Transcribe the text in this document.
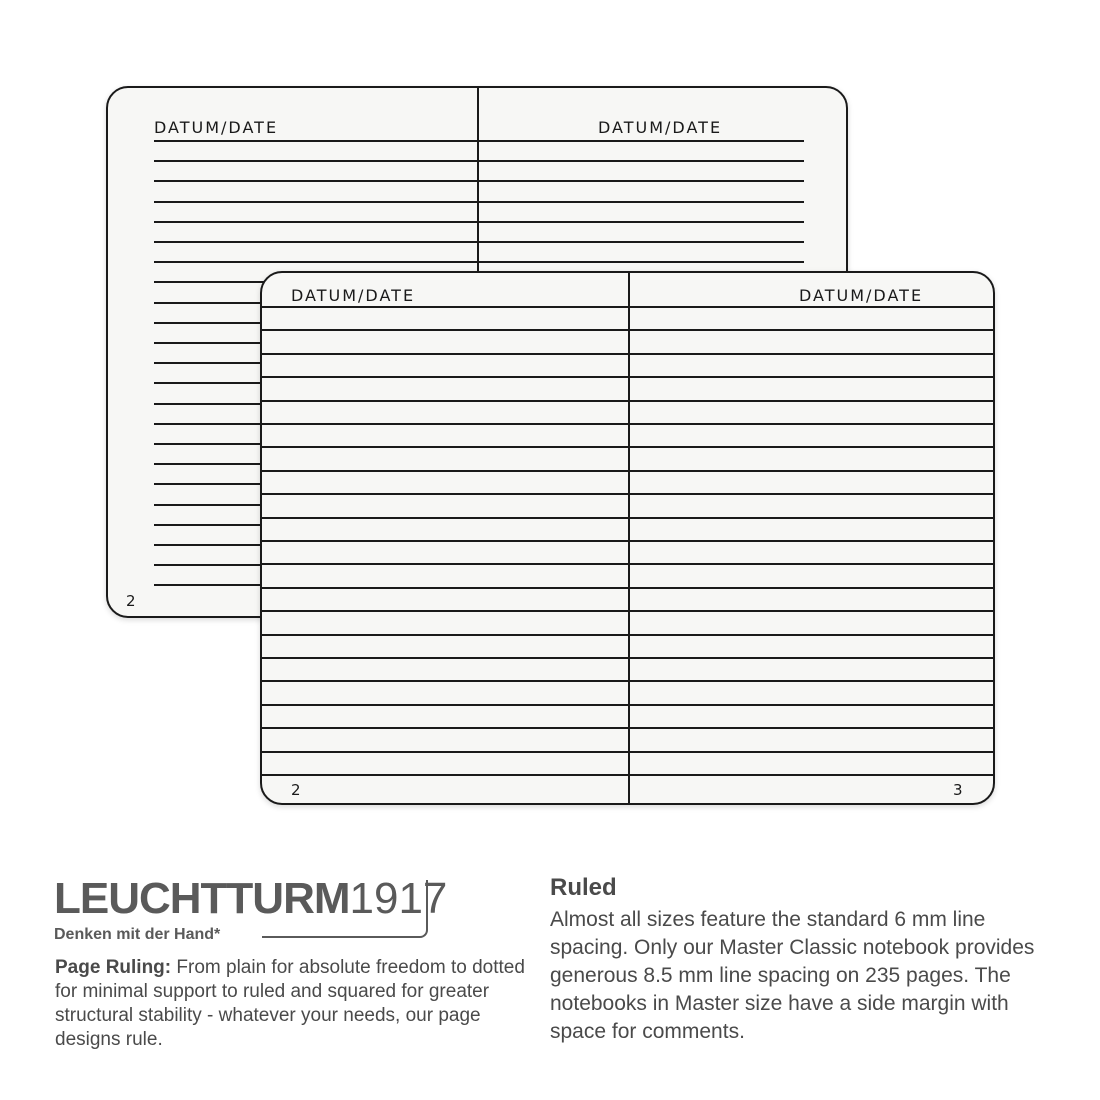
DATUM/DATE	DATUM/DATE
2
DATUM/DATE	DATUM/DATE
2	3
LEUCHTTURM1917
Denken mit der Hand*
Page Ruling: From plain for absolute freedom to dotted for minimal support to ruled and squared for greater structural stability - whatever your needs, our page designs rule.
Ruled
Almost all sizes feature the standard 6 mm line spacing. Only our Master Classic notebook provides generous 8.5 mm line spacing on 235 pages. The notebooks in Master size have a side margin with space for comments.
